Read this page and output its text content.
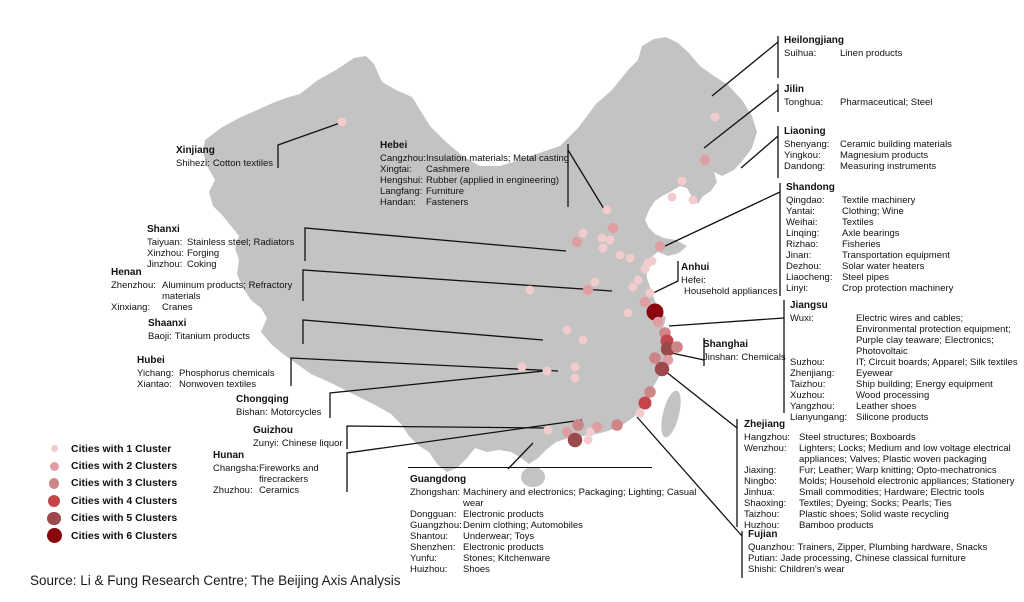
Heilongjiang
Suihua:	Linen products
Jilin
Tonghua:	Pharmaceutical; Steel
Liaoning
Shenyang:	Ceramic building materials
Yingkou:	Magnesium products
Dandong:	Measuring instruments
Shandong
Qingdao:	Textile machinery
Yantai:	Clothing; Wine
Weihai:	Textiles
Linqing:	Axle bearings
Rizhao:	Fisheries
Jinan:	Transportation equipment
Dezhou:	Solar water heaters
Liaocheng:	Steel pipes
Linyi:	Crop protection machinery
Jiangsu
Wuxi:	Electric wires and cables; Environmental protection equipment; Purple clay teaware; Electronics; Photovoltaic
Suzhou:	IT; Circuit boards; Apparel; Silk textiles
Zhenjiang:	Eyewear
Taizhou:	Ship building; Energy equipment
Xuzhou:	Wood processing
Yangzhou:	Leather shoes
Lianyungang: Silicone products
Zhejiang
Hangzhou: Steel structures; Boxboards
Wenzhou:	Lighters; Locks; Medium and low voltage electrical appliances; Valves; Plastic woven packaging
Jiaxing:	Fur; Leather; Warp knitting; Opto-mechatronics
Ningbo:	Molds; Household electronic appliances; Stationery
Jinhua:	Small commodities; Hardware; Electric tools
Shaoxing:	Textiles; Dyeing; Socks; Pearls; Ties
Taizhou:	Plastic shoes; Solid waste recycling
Huzhou:	Bamboo products
Fujian
Quanzhou: Trainers, Zipper, Plumbing hardware, Snacks
Putian: Jade processing, Chinese classical furniture
Shishi: Children's wear
Anhui
Hefei:
Household appliances
Shanghai
Jinshan: Chemicals
Hebei
Cangzhou: Insulation materials; Metal casting
Xingtai:	Cashmere
Hengshui: Rubber (applied in engineering)
Langfang: Furniture
Handan:	Fasteners
Xinjiang
Shihezi: Cotton textiles
Shanxi
Taiyuan: Stainless steel; Radiators
Xinzhou: Forging
Jinzhou: Coking
Henan
Zhenzhou: Aluminum products; Refractory materials
Xinxiang:	Cranes
Shaanxi
Baoji: Titanium products
Hubei
Yichang: Phosphorus chemicals
Xiantao: Nonwoven textiles
Chongqing
Bishan: Motorcycles
Guizhou
Zunyi: Chinese liquor
Hunan
Changsha: Fireworks and firecrackers
Zhuzhou: Ceramics
Guangdong
Zhongshan: Machinery and electronics; Packaging; Lighting; Casual wear
Dongguan: Electronic products
Guangzhou: Denim clothing; Automobiles
Shantou:	Underwear; Toys
Shenzhen: Electronic products
Yunfu:	Stones; Kitchenware
Huizhou:	Shoes
Cities with 1 Cluster
Cities with 2 Clusters
Cities with 3 Clusters
Cities with 4 Clusters
Cities with 5 Clusters
Cities with 6 Clusters
Source: Li & Fung Research Centre; The Beijing Axis Analysis
